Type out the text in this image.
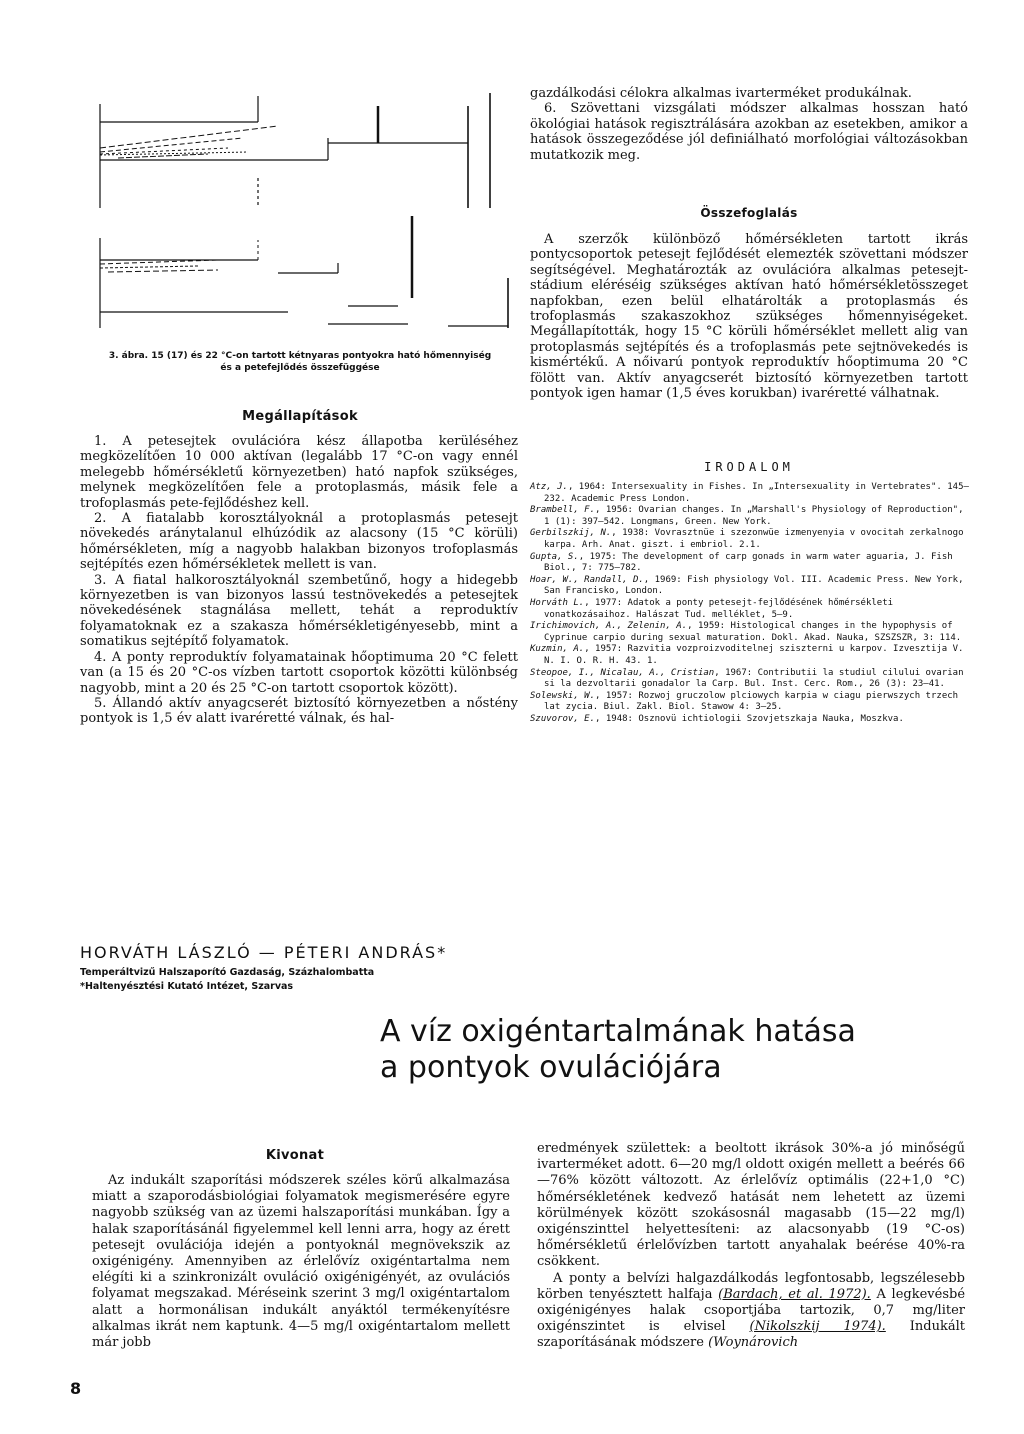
3. ábra. 15 (17) és 22 °C-on tartott kétnyaras pontyokra ható hőmennyiség
és a petefejlődés összefüggése
Megállapítások

1. A petesejtek ovulációra kész állapotba kerüléséhez megközelítően 10 000 aktívan (legalább 17 °C-on vagy ennél melegebb hőmérsékletű környezetben) ható napfok szükséges, melynek megközelítően fele a protoplasmás, másik fele a trofoplasmás pete-fejlődéshez kell.

2. A fiatalabb korosztályoknál a protoplasmás petesejt növekedés aránytalanul elhúzódik az alacsony (15 °C körüli) hőmérsékleten, míg a nagyobb halakban bizonyos trofoplasmás sejtépítés ezen hőmérsékletek mellett is van.

3. A fiatal halkorosztályoknál szembetűnő, hogy a hidegebb környezetben is van bizonyos lassú testnövekedés a petesejtek növekedésének stagnálása mellett, tehát a reproduktív folyamatoknak ez a szakasza hőmérsékletigényesebb, mint a somatikus sejtépítő folyamatok.

4. A ponty reproduktív folyamatainak hőoptimuma 20 °C felett van (a 15 és 20 °C-os vízben tartott csoportok közötti különbség nagyobb, mint a 20 és 25 °C-on tartott csoportok között).

5. Állandó aktív anyagcserét biztosító környezetben a nőstény pontyok is 1,5 év alatt ivaréretté válnak, és hal-

gazdálkodási célokra alkalmas ivarterméket produkálnak.

6. Szövettani vizsgálati módszer alkalmas hosszan ható ökológiai hatások regisztrálására azokban az esetekben, amikor a hatások összegeződése jól definiálható morfológiai változásokban mutatkozik meg.

Összefoglalás

A szerzők különböző hőmérsékleten tartott ikrás pontycsoportok petesejt fejlődését elemezték szövettani módszer segítségével. Meghatározták az ovulációra alkalmas petesejt-stádium eléréséig szükséges aktívan ható hőmérsékletösszeget napfokban, ezen belül elhatárolták a protoplasmás és trofoplasmás szakaszokhoz szükséges hőmennyiségeket. Megállapították, hogy 15 °C körüli hőmérséklet mellett alig van protoplasmás sejtépítés és a trofoplasmás pete sejtnövekedés is kismértékű. A nőivarú pontyok reproduktív hőoptimuma 20 °C fölött van. Aktív anyagcserét biztosító környezetben tartott pontyok igen hamar (1,5 éves korukban) ivaréretté válhatnak.

IRODALOM
Atz, J., 1964: Intersexuality in Fishes. In „Intersexuality in Vertebrates". 145—232. Academic Press London.
Brambell, F., 1956: Ovarian changes. In „Marshall's Physiology of Reproduction", 1 (1): 397—542. Longmans, Green. New York.
Gerbilszkij, N., 1938: Vovrasztnüe i szezonwüe izmenyenyia v ovocitah zerkalnogo karpa. Arh. Anat. giszt. i embriol. 2.1.
Gupta, S., 1975: The development of carp gonads in warm water aguaria, J. Fish Biol., 7: 775—782.
Hoar, W., Randall, D., 1969: Fish physiology Vol. III. Academic Press. New York, San Francisko, London.
Horváth L., 1977: Adatok a ponty petesejt-fejlődésének hőmérsékleti vonatkozásaihoz. Halászat Tud. melléklet, 5—9.
Irichimovich, A., Zelenin, A., 1959: Histological changes in the hypophysis of Cyprinue carpio during sexual maturation. Dokl. Akad. Nauka, SZSZSZR, 3: 114.
Kuzmin, A., 1957: Razvitia vozproizvoditelnej sziszterni u karpov. Izvesztija V. N. I. O. R. H. 43. 1.
Steopoe, I., Nicalau, A., Cristian, 1967: Contributii la studiul cilului ovarian si la dezvoltarii gonadalor la Carp. Bul. Inst. Cerc. Rom., 26 (3): 23—41.
Solewski, W., 1957: Rozwoj gruczolow plciowych karpia w ciagu pierwszych trzech lat zycia. Biul. Zakl. Biol. Stawow 4: 3—25.
Szuvorov, E., 1948: Osznovü ichtiologii Szovjetszkaja Nauka, Moszkva.
HORVÁTH LÁSZLÓ — PÉTERI ANDRÁS*
Temperáltvizű Halszaporító Gazdaság, Százhalombatta
*Haltenyésztési Kutató Intézet, Szarvas
A víz oxigéntartalmának hatása
a pontyok ovulációjára
Kivonat

Az indukált szaporítási módszerek széles körű alkalmazása miatt a szaporodásbiológiai folyamatok megismerésére egyre nagyobb szükség van az üzemi halszaporítási munkában. Így a halak szaporításánál figyelemmel kell lenni arra, hogy az érett petesejt ovulációja idején a pontyoknál megnövekszik az oxigénigény. Amennyiben az érlelővíz oxigéntartalma nem elégíti ki a szinkronizált ovuláció oxigénigényét, az ovulációs folyamat megszakad. Méréseink szerint 3 mg/l oxigéntartalom alatt a hormonálisan indukált anyáktól termékenyítésre alkalmas ikrát nem kaptunk. 4—5 mg/l oxigéntartalom mellett már jobb

eredmények születtek: a beoltott ikrások 30%-a jó minőségű ivarterméket adott. 6—20 mg/l oldott oxigén mellett a beérés 66—76% között változott. Az érlelővíz optimális (22+1,0 °C) hőmérsékletének kedvező hatását nem lehetett az üzemi körülmények között szokásosnál magasabb (15—22 mg/l) oxigénszinttel helyettesíteni: az alacsonyabb (19 °C-os) hőmérsékletű érlelővízben tartott anyahalak beérése 40%-ra csökkent.

A ponty a belvízi halgazdálkodás legfontosabb, legszélesebb körben tenyésztett halfaja (Bardach, et al. 1972). A legkevésbé oxigénigényes halak csoportjába tartozik, 0,7 mg/liter oxigénszintet is elvisel (Nikolszkij 1974). Indukált szaporításának módszere (Woynárovich

8
